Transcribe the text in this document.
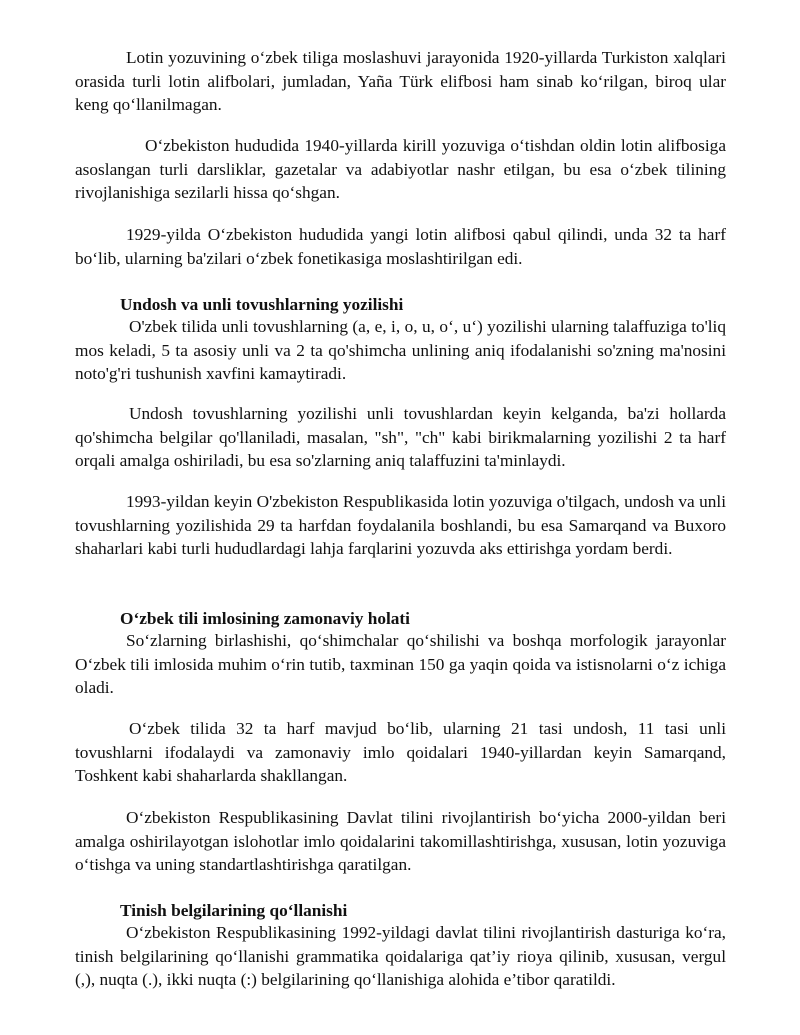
Lotin yozuvining o‘zbek tiliga moslashuvi jarayonida 1920-yillarda Turkiston xalqlari orasida turli lotin alifbolari, jumladan, Yaña Türk elifbosi ham sinab ko‘rilgan, biroq ular keng qo‘llanilmagan.

O‘zbekiston hududida 1940-yillarda kirill yozuviga o‘tishdan oldin lotin alifbosiga asoslangan turli darsliklar, gazetalar va adabiyotlar nashr etilgan, bu esa o‘zbek tilining rivojlanishiga sezilarli hissa qo‘shgan.

1929-yilda O‘zbekiston hududida yangi lotin alifbosi qabul qilindi, unda 32 ta harf bo‘lib, ularning ba'zilari o‘zbek fonetikasiga moslashtirilgan edi.

Undosh va unli tovushlarning yozilishi

O'zbek tilida unli tovushlarning (a, e, i, o, u, o‘, u‘) yozilishi ularning talaffuziga to'liq mos keladi, 5 ta asosiy unli va 2 ta qo'shimcha unlining aniq ifodalanishi so'zning ma'nosini noto'g'ri tushunish xavfini kamaytiradi.

Undosh tovushlarning yozilishi unli tovushlardan keyin kelganda, ba'zi hollarda qo'shimcha belgilar qo'llaniladi, masalan, "sh", "ch" kabi birikmalarning yozilishi 2 ta harf orqali amalga oshiriladi, bu esa so'zlarning aniq talaffuzini ta'minlaydi.

1993-yildan keyin O'zbekiston Respublikasida lotin yozuviga o'tilgach, undosh va unli tovushlarning yozilishida 29 ta harfdan foydalanila boshlandi, bu esa Samarqand va Buxoro shaharlari kabi turli hududlardagi lahja farqlarini yozuvda aks ettirishga yordam berdi.

O‘zbek tili imlosining zamonaviy holati

So‘zlarning birlashishi, qo‘shimchalar qo‘shilishi va boshqa morfologik jarayonlar O‘zbek tili imlosida muhim o‘rin tutib, taxminan 150 ga yaqin qoida va istisnolarni o‘z ichiga oladi.

O‘zbek tilida 32 ta harf mavjud bo‘lib, ularning 21 tasi undosh, 11 tasi unli tovushlarni ifodalaydi va zamonaviy imlo qoidalari 1940-yillardan keyin Samarqand, Toshkent kabi shaharlarda shakllangan.

O‘zbekiston Respublikasining Davlat tilini rivojlantirish bo‘yicha 2000-yildan beri amalga oshirilayotgan islohotlar imlo qoidalarini takomillashtirishga, xususan, lotin yozuviga o‘tishga va uning standartlashtirishga qaratilgan.

Tinish belgilarining qo‘llanishi

O‘zbekiston Respublikasining 1992-yildagi davlat tilini rivojlantirish dasturiga ko‘ra, tinish belgilarining qo‘llanishi grammatika qoidalariga qat’iy rioya qilinib, xususan, vergul (,), nuqta (.), ikki nuqta (:) belgilarining qo‘llanishiga alohida e’tibor qaratildi.
